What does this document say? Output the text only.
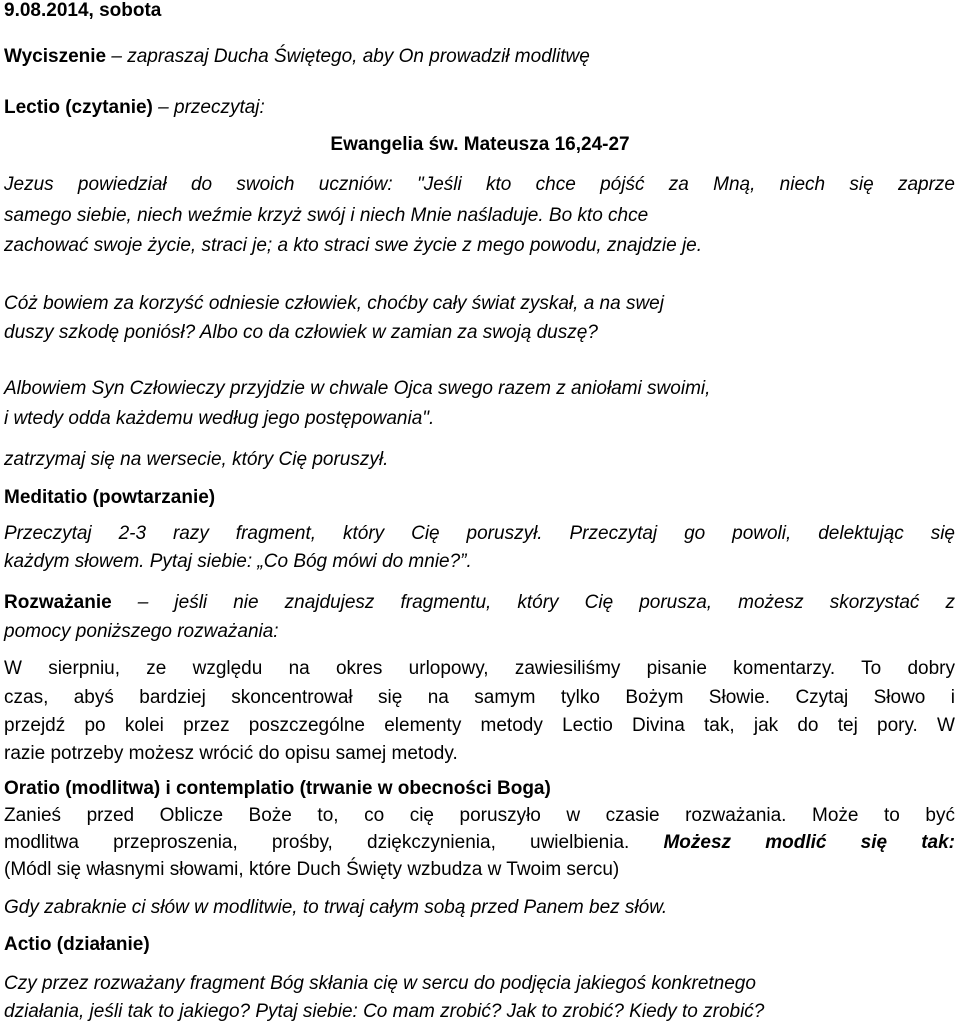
9.08.2014, sobota
Wyciszenie – zapraszaj Ducha Świętego, aby On prowadził modlitwę
Lectio (czytanie) – przeczytaj:
Ewangelia św. Mateusza 16,24-27
Jezus powiedział do swoich uczniów: "Jeśli kto chce pójść za Mną, niech się zaprze
samego siebie, niech weźmie krzyż swój i niech Mnie naśladuje. Bo kto chce
zachować swoje życie, straci je; a kto straci swe życie z mego powodu, znajdzie je.
Cóż bowiem za korzyść odniesie człowiek, choćby cały świat zyskał, a na swej
duszy szkodę poniósł? Albo co da człowiek w zamian za swoją duszę?
Albowiem Syn Człowieczy przyjdzie w chwale Ojca swego razem z aniołami swoimi,
i wtedy odda każdemu według jego postępowania".
zatrzymaj się na wersecie, który Cię poruszył.
Meditatio (powtarzanie)
Przeczytaj 2-3 razy fragment, który Cię poruszył. Przeczytaj go powoli, delektując się
każdym słowem. Pytaj siebie: „Co Bóg mówi do mnie?”.
Rozważanie – jeśli nie znajdujesz fragmentu, który Cię porusza, możesz skorzystać z
pomocy poniższego rozważania:
W sierpniu, ze względu na okres urlopowy, zawiesiliśmy pisanie komentarzy. To dobry
czas, abyś bardziej skoncentrował się na samym tylko Bożym Słowie. Czytaj Słowo i
przejdź po kolei przez poszczególne elementy metody Lectio Divina tak, jak do tej pory. W
razie potrzeby możesz wrócić do opisu samej metody.
Oratio (modlitwa) i contemplatio (trwanie w obecności Boga)
Zanieś przed Oblicze Boże to, co cię poruszyło w czasie rozważania. Może to być
modlitwa przeproszenia, prośby, dziękczynienia, uwielbienia. Możesz modlić się tak:
(Módl się własnymi słowami, które Duch Święty wzbudza w Twoim sercu)
Gdy zabraknie ci słów w modlitwie, to trwaj całym sobą przed Panem bez słów.
Actio (działanie)
Czy przez rozważany fragment Bóg skłania cię w sercu do podjęcia jakiegoś konkretnego
działania, jeśli tak to jakiego? Pytaj siebie: Co mam zrobić? Jak to zrobić? Kiedy to zrobić?
